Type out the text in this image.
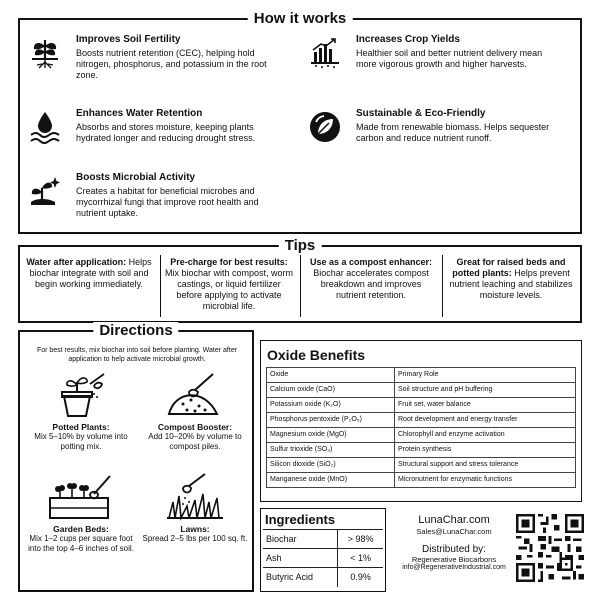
How it works
Improves Soil Fertility

Boosts nutrient retention (CEC), helping hold nitrogen, phosphorus, and potassium in the root zone.

Increases Crop Yields

Healthier soil and better nutrient delivery mean more vigorous growth and higher harvests.

Enhances Water Retention

Absorbs and stores moisture, keeping plants hydrated longer and reducing drought stress.

Sustainable & Eco-Friendly

Made from renewable biomass. Helps sequester carbon and reduce nutrient runoff.

Boosts Microbial Activity

Creates a habitat for beneficial microbes and mycorrhizal fungi that improve root health and nutrient uptake.

Tips
Water after application: Helps biochar integrate with soil and begin working immediately.
Pre-charge for best results: Mix biochar with compost, worm castings, or liquid fertilizer before applying to activate microbial life.
Use as a compost enhancer: Biochar accelerates compost breakdown and improves nutrient retention.
Great for raised beds and potted plants: Helps prevent nutrient leaching and stabilizes moisture levels.
Directions
For best results, mix biochar into soil before planting. Water after application to help activate microbial growth.
Potted Plants:
Mix 5–10% by volume into potting mix.
Compost Booster:
Add 10–20% by volume to compost piles.
Garden Beds:
Mix 1–2 cups per square foot into the top 4–6 inches of soil.
Lawns:
Spread 2–5 lbs per 100 sq. ft.
Oxide Benefits
Oxide	Primary Role
Calcium oxide (CaO)	Soil structure and pH buffering
Potassium oxide (K₂O)	Fruit set, water balance
Phosphorus pentoxide (P₂O₅)	Root development and energy transfer
Magnesium oxide (MgO)	Chlorophyll and enzyme activation
Sulfur trioxide (SO₃)	Protein synthesis
Silicon dioxide (SiO₂)	Structural support and stress tolerance
Manganese oxide (MnO)	Micronutrient for enzymatic functions
Ingredients
Biochar	> 98%
Ash	< 1%
Butyric Acid	0.9%
LunaChar.com
Sales@LunaChar.com
Distributed by:
Regenerative Biocarbons
info@RegenerativeIndustrial.com
